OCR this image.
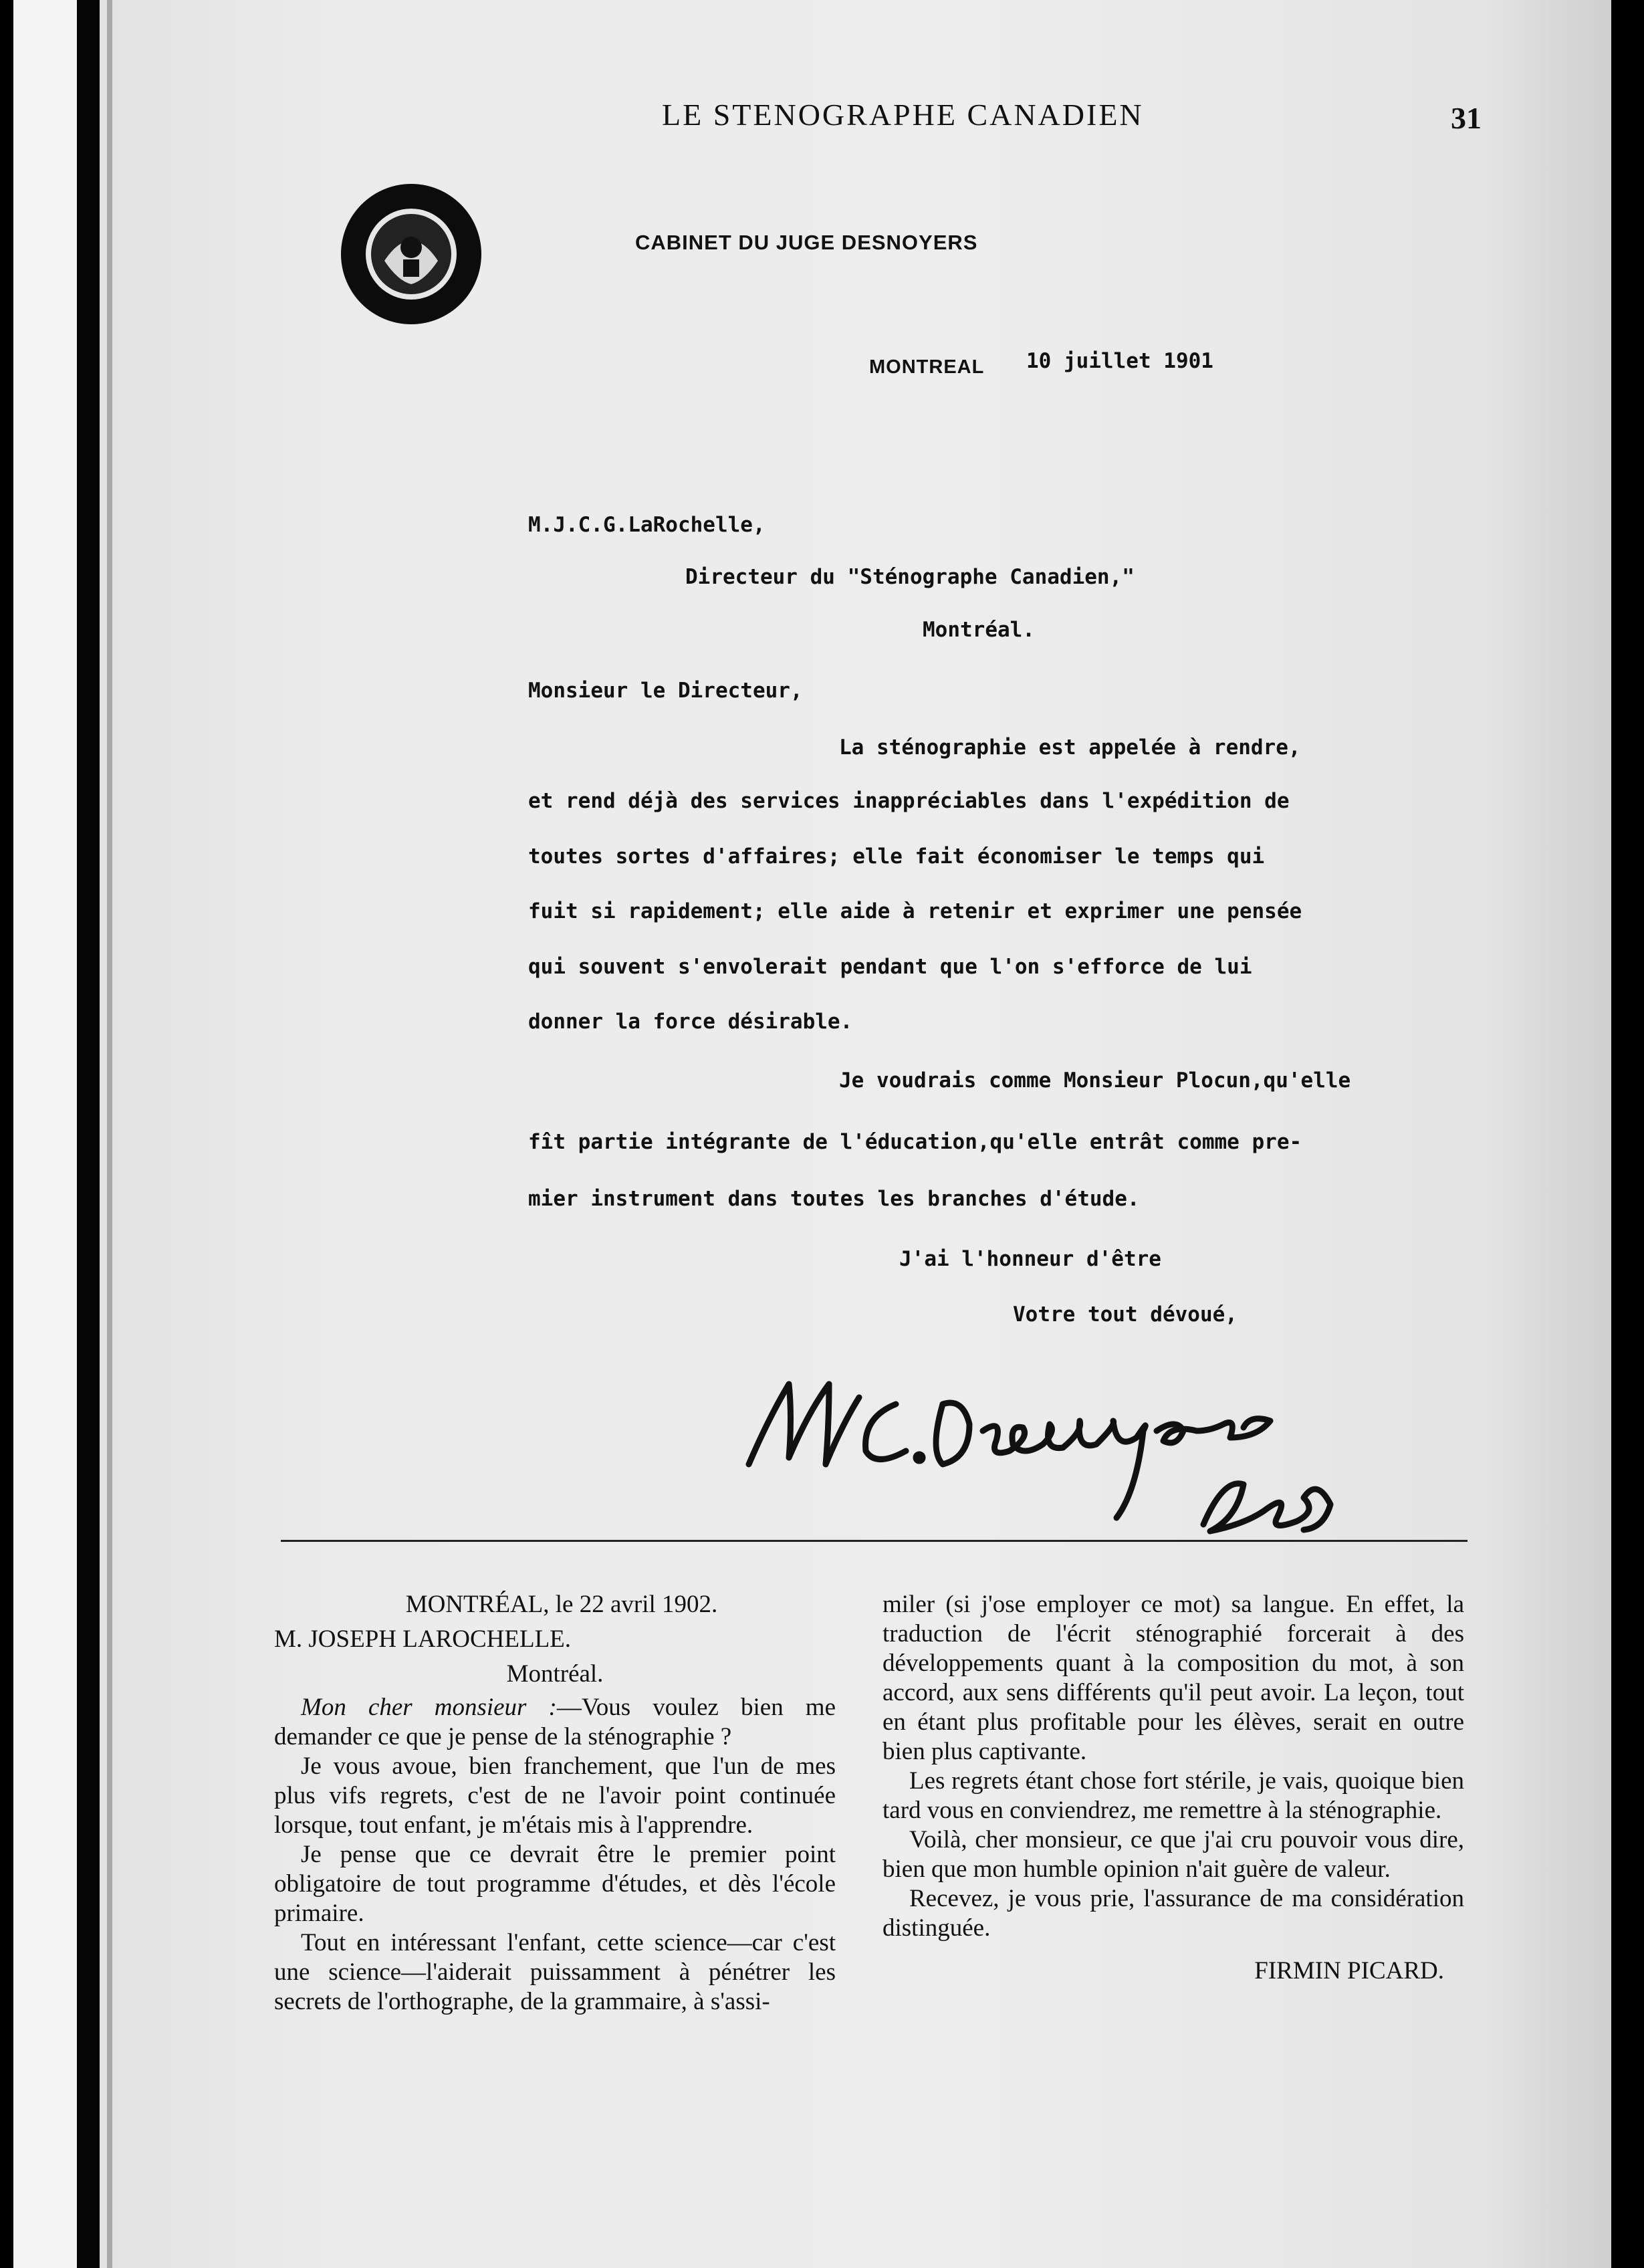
LE STENOGRAPHE CANADIEN	31
CABINET DU JUGE DESNOYERS
MONTREAL 10 juillet 1901
M.J.C.G.LaRochelle,
Directeur du "Sténographe Canadien,"
Montréal.
Monsieur le Directeur,
La sténographie est appelée à rendre,
et rend déjà des services inappréciables dans l'expédition de
toutes sortes d'affaires; elle fait économiser le temps qui
fuit si rapidement; elle aide à retenir et exprimer une pensée
qui souvent s'envolerait pendant que l'on s'efforce de lui
donner la force désirable.
Je voudrais comme Monsieur Plocun,qu'elle
fît partie intégrante de l'éducation,qu'elle entrât comme pre-
mier instrument dans toutes les branches d'étude.
J'ai l'honneur d'être
Votre tout dévoué,

MONTRÉAL, le 22 avril 1902.

M. JOSEPH LAROCHELLE.

Montréal.

Mon cher monsieur :—Vous voulez bien me demander ce que je pense de la sténographie ?

Je vous avoue, bien franchement, que l'un de mes plus vifs regrets, c'est de ne l'avoir point continuée lorsque, tout enfant, je m'étais mis à l'apprendre.

Je pense que ce devrait être le premier point obligatoire de tout programme d'études, et dès l'école primaire.

Tout en intéressant l'enfant, cette science—car c'est une science—l'aiderait puissamment à pénétrer les secrets de l'orthographe, de la grammaire, à s'assi-

miler (si j'ose employer ce mot) sa langue. En effet, la traduction de l'écrit sténographié forcerait à des développements quant à la composition du mot, à son accord, aux sens différents qu'il peut avoir. La leçon, tout en étant plus profitable pour les élèves, serait en outre bien plus captivante.

Les regrets étant chose fort stérile, je vais, quoique bien tard vous en conviendrez, me remettre à la sténographie.

Voilà, cher monsieur, ce que j'ai cru pouvoir vous dire, bien que mon humble opinion n'ait guère de valeur.

Recevez, je vous prie, l'assurance de ma considération distinguée.

FIRMIN PICARD.
